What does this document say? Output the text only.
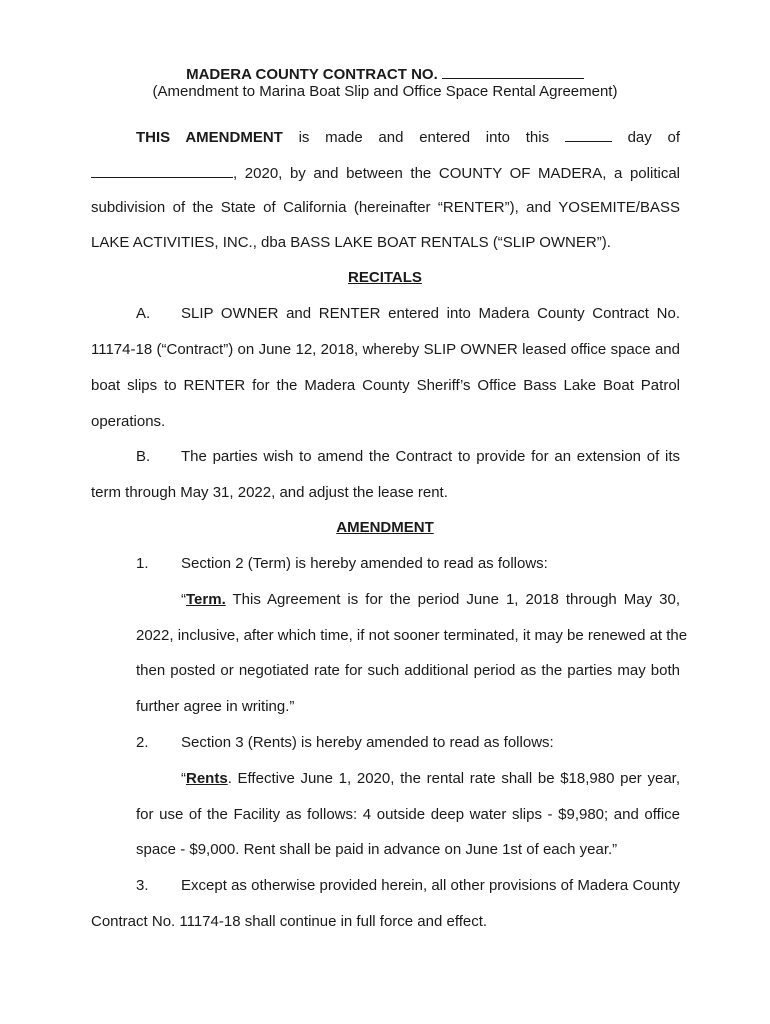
MADERA COUNTY CONTRACT NO.
(Amendment to Marina Boat Slip and Office Space Rental Agreement)
THIS AMENDMENT is made and entered into this	day of
, 2020, by and between the COUNTY OF MADERA, a political
subdivision of the State of California (hereinafter “RENTER”), and YOSEMITE/BASS
LAKE ACTIVITIES, INC., dba BASS LAKE BOAT RENTALS (“SLIP OWNER”).
RECITALS
A. SLIP OWNER and RENTER entered into Madera County Contract No.
11174-18 (“Contract”) on June 12, 2018, whereby SLIP OWNER leased office space and
boat slips to RENTER for the Madera County Sheriff’s Office Bass Lake Boat Patrol
operations.
B. The parties wish to amend the Contract to provide for an extension of its
term through May 31, 2022, and adjust the lease rent.
AMENDMENT
1. Section 2 (Term) is hereby amended to read as follows:
“Term. This Agreement is for the period June 1, 2018 through May 30,
2022, inclusive, after which time, if not sooner terminated, it may be renewed at the
then posted or negotiated rate for such additional period as the parties may both
further agree in writing.”
2. Section 3 (Rents) is hereby amended to read as follows:
“Rents. Effective June 1, 2020, the rental rate shall be $18,980 per year,
for use of the Facility as follows: 4 outside deep water slips - $9,980; and office
space - $9,000. Rent shall be paid in advance on June 1st of each year.”
3. Except as otherwise provided herein, all other provisions of Madera County
Contract No. 11174-18 shall continue in full force and effect.
